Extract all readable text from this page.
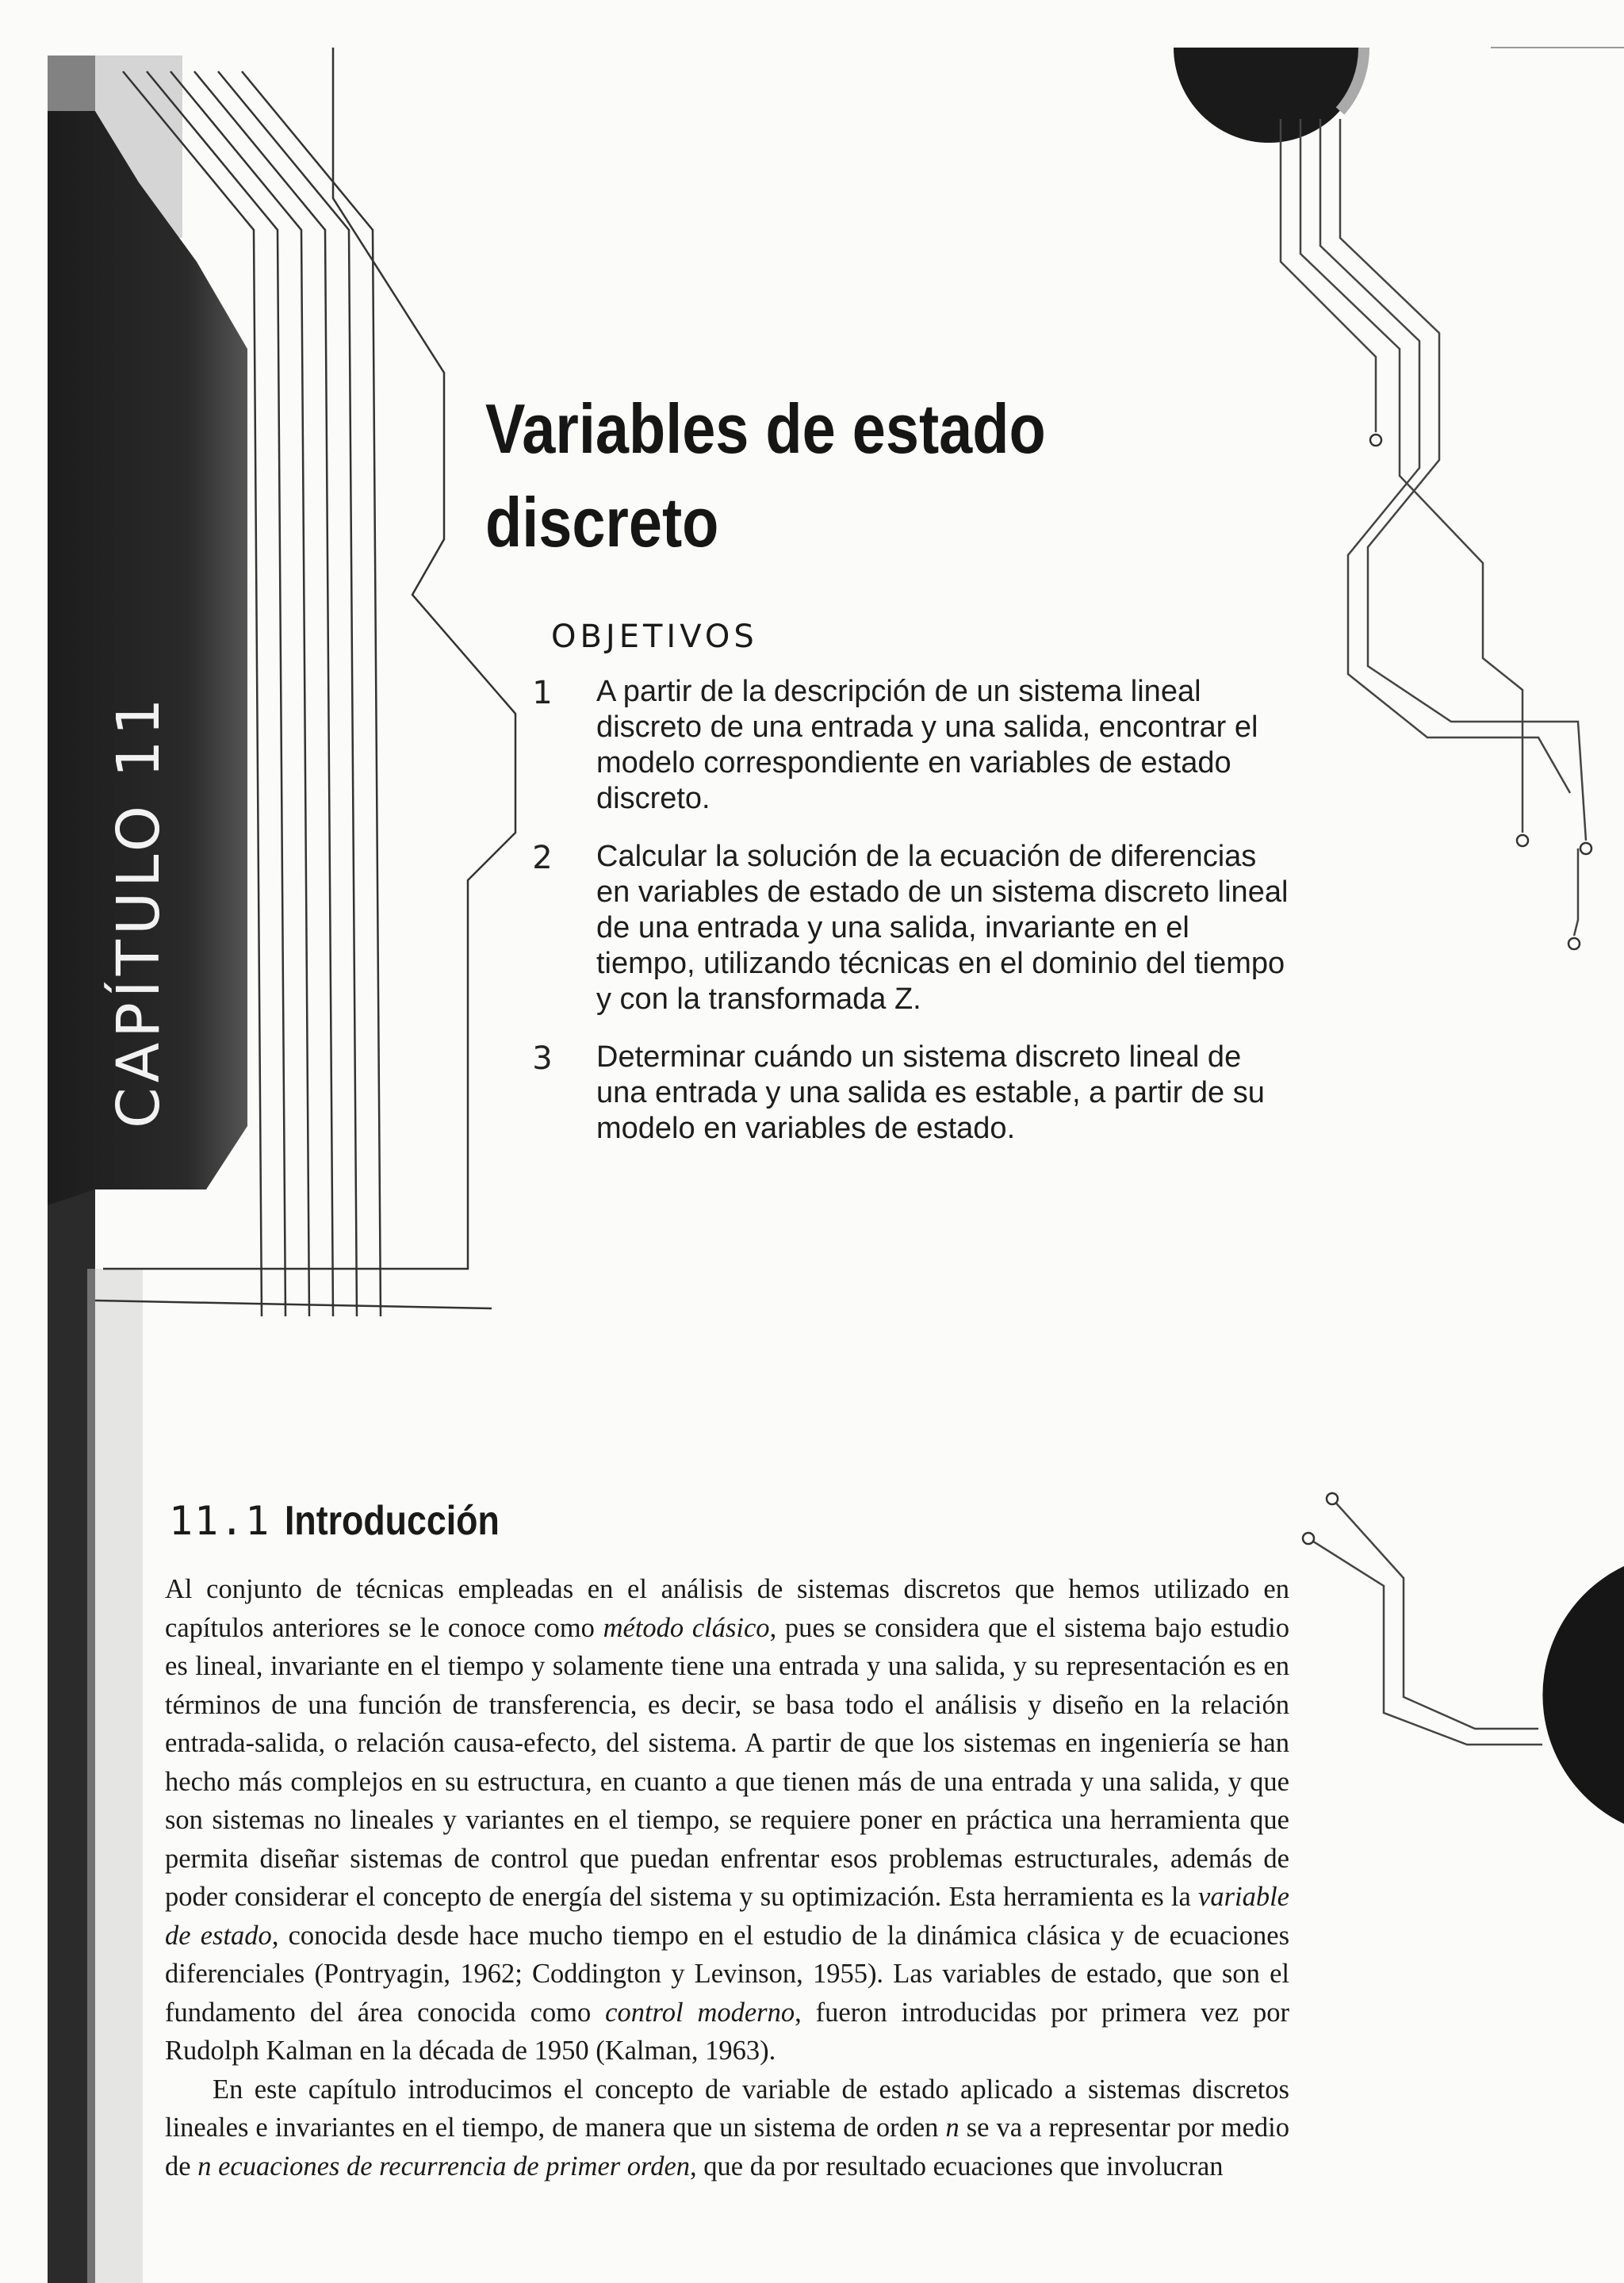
CAPÍTULO 11
Variables de estado discreto
OBJETIVOS
1 A partir de la descripción de un sistema lineal discreto de una entrada y una salida, encontrar el modelo correspondiente en variables de estado discreto.
2 Calcular la solución de la ecuación de diferencias en variables de estado de un sistema discreto lineal de una entrada y una salida, invariante en el tiempo, utilizando técnicas en el dominio del tiempo y con la transformada Z.
3 Determinar cuándo un sistema discreto lineal de una entrada y una salida es estable, a partir de su modelo en variables de estado.
11.1 Introducción

Al conjunto de técnicas empleadas en el análisis de sistemas discretos que hemos utilizado en capítulos anteriores se le conoce como método clásico, pues se considera que el sistema bajo estudio es lineal, invariante en el tiempo y solamente tiene una entrada y una salida, y su representación es en términos de una función de transferencia, es decir, se basa todo el análisis y diseño en la relación entrada-salida, o relación causa-efecto, del sistema. A partir de que los sistemas en ingeniería se han hecho más complejos en su estructura, en cuanto a que tienen más de una entrada y una salida, y que son sistemas no lineales y variantes en el tiempo, se requiere poner en práctica una herramienta que permita diseñar sistemas de control que puedan enfrentar esos problemas estructurales, además de poder considerar el concepto de energía del sistema y su optimización. Esta herramienta es la variable de estado, conocida desde hace mucho tiempo en el estudio de la dinámica clásica y de ecuaciones diferenciales (Pontryagin, 1962; Coddington y Levinson, 1955). Las variables de estado, que son el fundamento del área conocida como control moderno, fueron introducidas por primera vez por Rudolph Kalman en la década de 1950 (Kalman, 1963).

En este capítulo introducimos el concepto de variable de estado aplicado a sistemas discretos lineales e invariantes en el tiempo, de manera que un sistema de orden n se va a representar por medio de n ecuaciones de recurrencia de primer orden, que da por resultado ecuaciones que involucran
